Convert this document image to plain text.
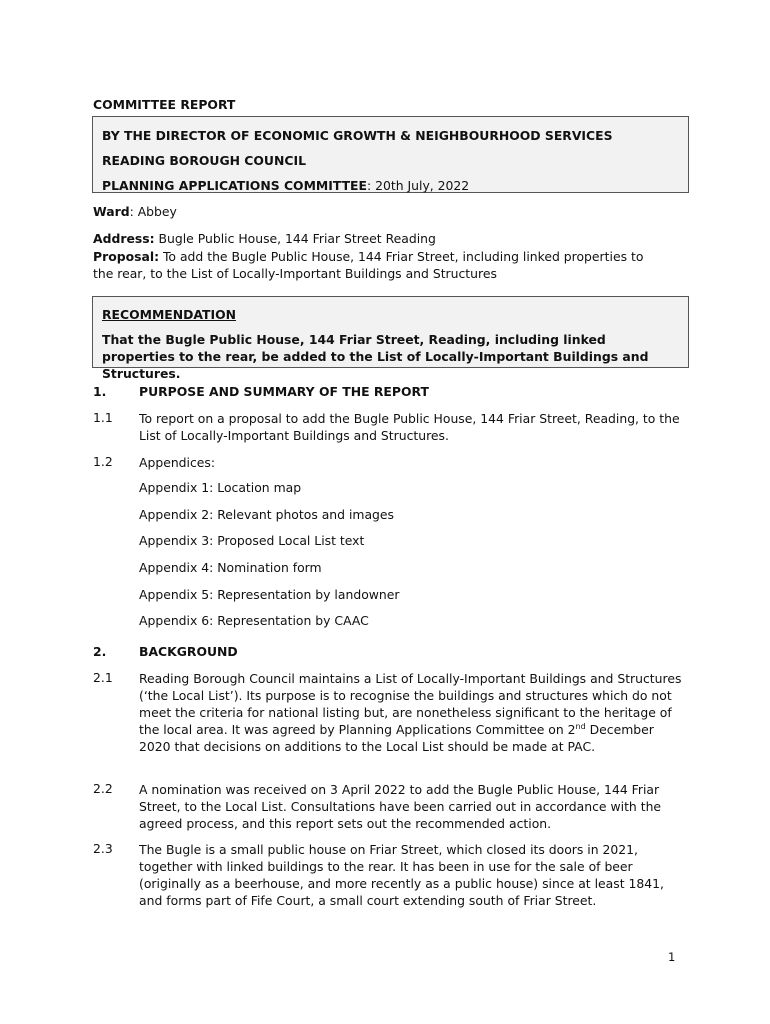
COMMITTEE REPORT
BY THE DIRECTOR OF ECONOMIC GROWTH & NEIGHBOURHOOD SERVICES
READING BOROUGH COUNCIL
PLANNING APPLICATIONS COMMITTEE: 20th July, 2022
Ward: Abbey
Address: Bugle Public House, 144 Friar Street Reading
Proposal: To add the Bugle Public House, 144 Friar Street, including linked properties to
the rear, to the List of Locally-Important Buildings and Structures
RECOMMENDATION
That the Bugle Public House, 144 Friar Street, Reading, including linked properties to the rear, be added to the List of Locally-Important Buildings and Structures.
1.	PURPOSE AND SUMMARY OF THE REPORT
1.1 To report on a proposal to add the Bugle Public House, 144 Friar Street, Reading, to the List of Locally-Important Buildings and Structures.
1.2 Appendices:
Appendix 1: Location map
Appendix 2: Relevant photos and images
Appendix 3: Proposed Local List text
Appendix 4: Nomination form
Appendix 5: Representation by landowner
Appendix 6: Representation by CAAC
2.	BACKGROUND
2.1 Reading Borough Council maintains a List of Locally-Important Buildings and Structures (‘the Local List’). Its purpose is to recognise the buildings and structures which do not meet the criteria for national listing but, are nonetheless significant to the heritage of the local area. It was agreed by Planning Applications Committee on 2nd December 2020 that decisions on additions to the Local List should be made at PAC.
2.2 A nomination was received on 3 April 2022 to add the Bugle Public House, 144 Friar Street, to the Local List. Consultations have been carried out in accordance with the agreed process, and this report sets out the recommended action.
2.3 The Bugle is a small public house on Friar Street, which closed its doors in 2021, together with linked buildings to the rear. It has been in use for the sale of beer (originally as a beerhouse, and more recently as a public house) since at least 1841, and forms part of Fife Court, a small court extending south of Friar Street.
1
